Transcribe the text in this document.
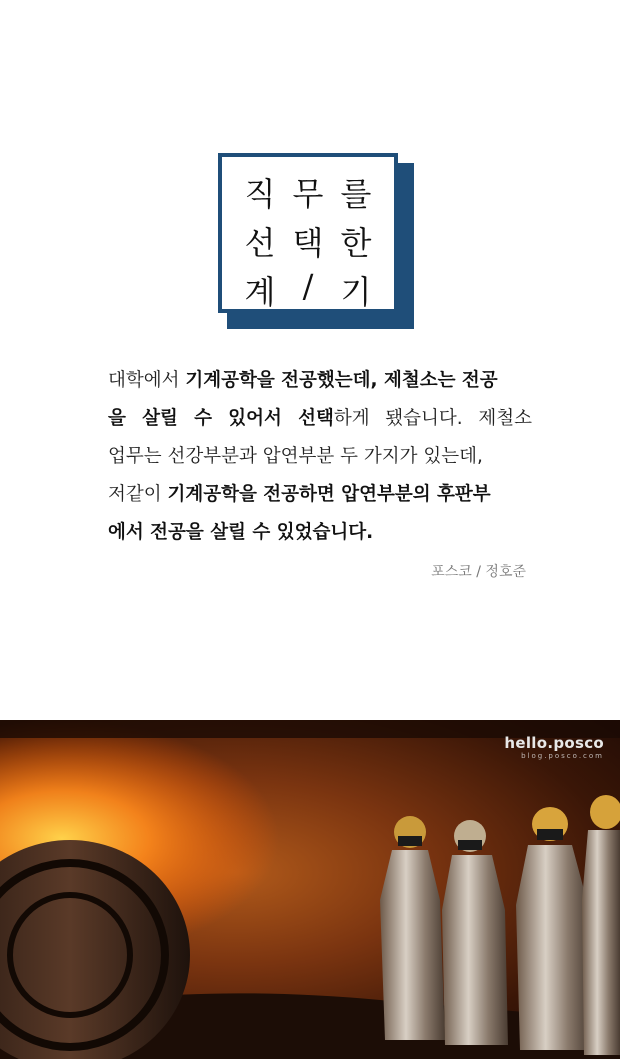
직 무 를
선 택 한
계 / 기
대학에서 기계공학을 전공했는데, 제철소는 전공
을 살릴 수 있어서 선택하게 됐습니다. 제철소
업무는 선강부분과 압연부분 두 가지가 있는데,
저같이 기계공학을 전공하면 압연부분의 후판부
에서 전공을 살릴 수 있었습니다.
포스코 / 정호준
hello.posco
blog.posco.com
